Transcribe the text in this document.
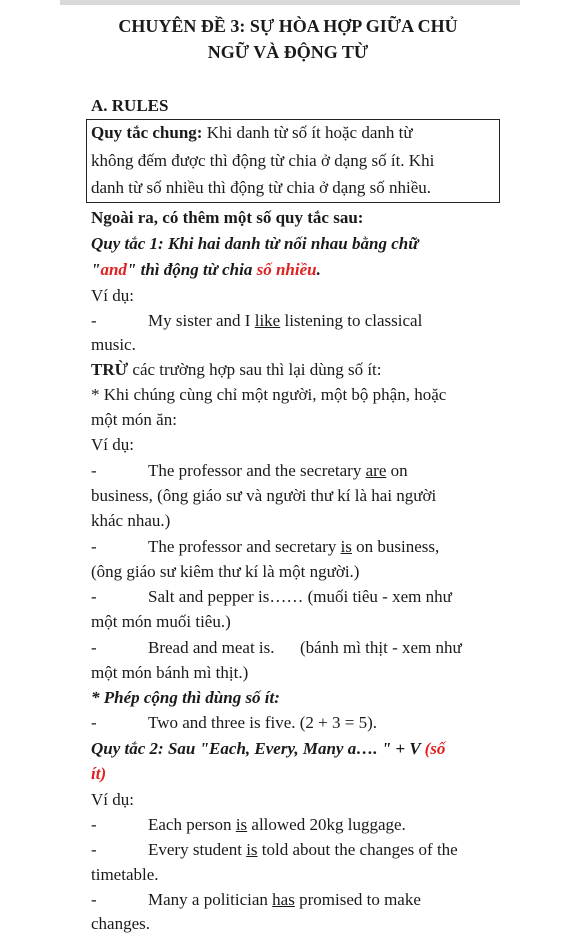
CHUYÊN ĐỀ 3: SỰ HÒA HỢP GIỮA CHỦ
NGỮ VÀ ĐỘNG TỪ
A. RULES
Quy tắc chung: Khi danh từ số ít hoặc danh từ
không đếm được thì động từ chia ở dạng số ít. Khi
danh từ số nhiều thì động từ chia ở dạng số nhiều.
Ngoài ra, có thêm một số quy tắc sau:
Quy tắc 1: Khi hai danh từ nối nhau bằng chữ
"and" thì động từ chia số nhiều.
Ví dụ:
-	My sister and I like listening to classical
music.
TRỪ các trường hợp sau thì lại dùng số ít:
* Khi chúng cùng chỉ một người, một bộ phận, hoặc
một món ăn:
Ví dụ:
-	The professor and the secretary are on
business, (ông giáo sư và người thư kí là hai người
khác nhau.)
-	The professor and secretary is on business,
(ông giáo sư kiêm thư kí là một người.)
-	Salt and pepper is…… (muối tiêu - xem như
một món muối tiêu.)
-	Bread and meat is.      (bánh mì thịt - xem như
một món bánh mì thịt.)
* Phép cộng thì dùng số ít:
-	Two and three is five. (2 + 3 = 5).
Quy tắc 2: Sau "Each, Every, Many a…. " + V (số
ít)
Ví dụ:
-	Each person is allowed 20kg luggage.
-	Every student is told about the changes of the
timetable.
-	Many a politician has promised to make
changes.
